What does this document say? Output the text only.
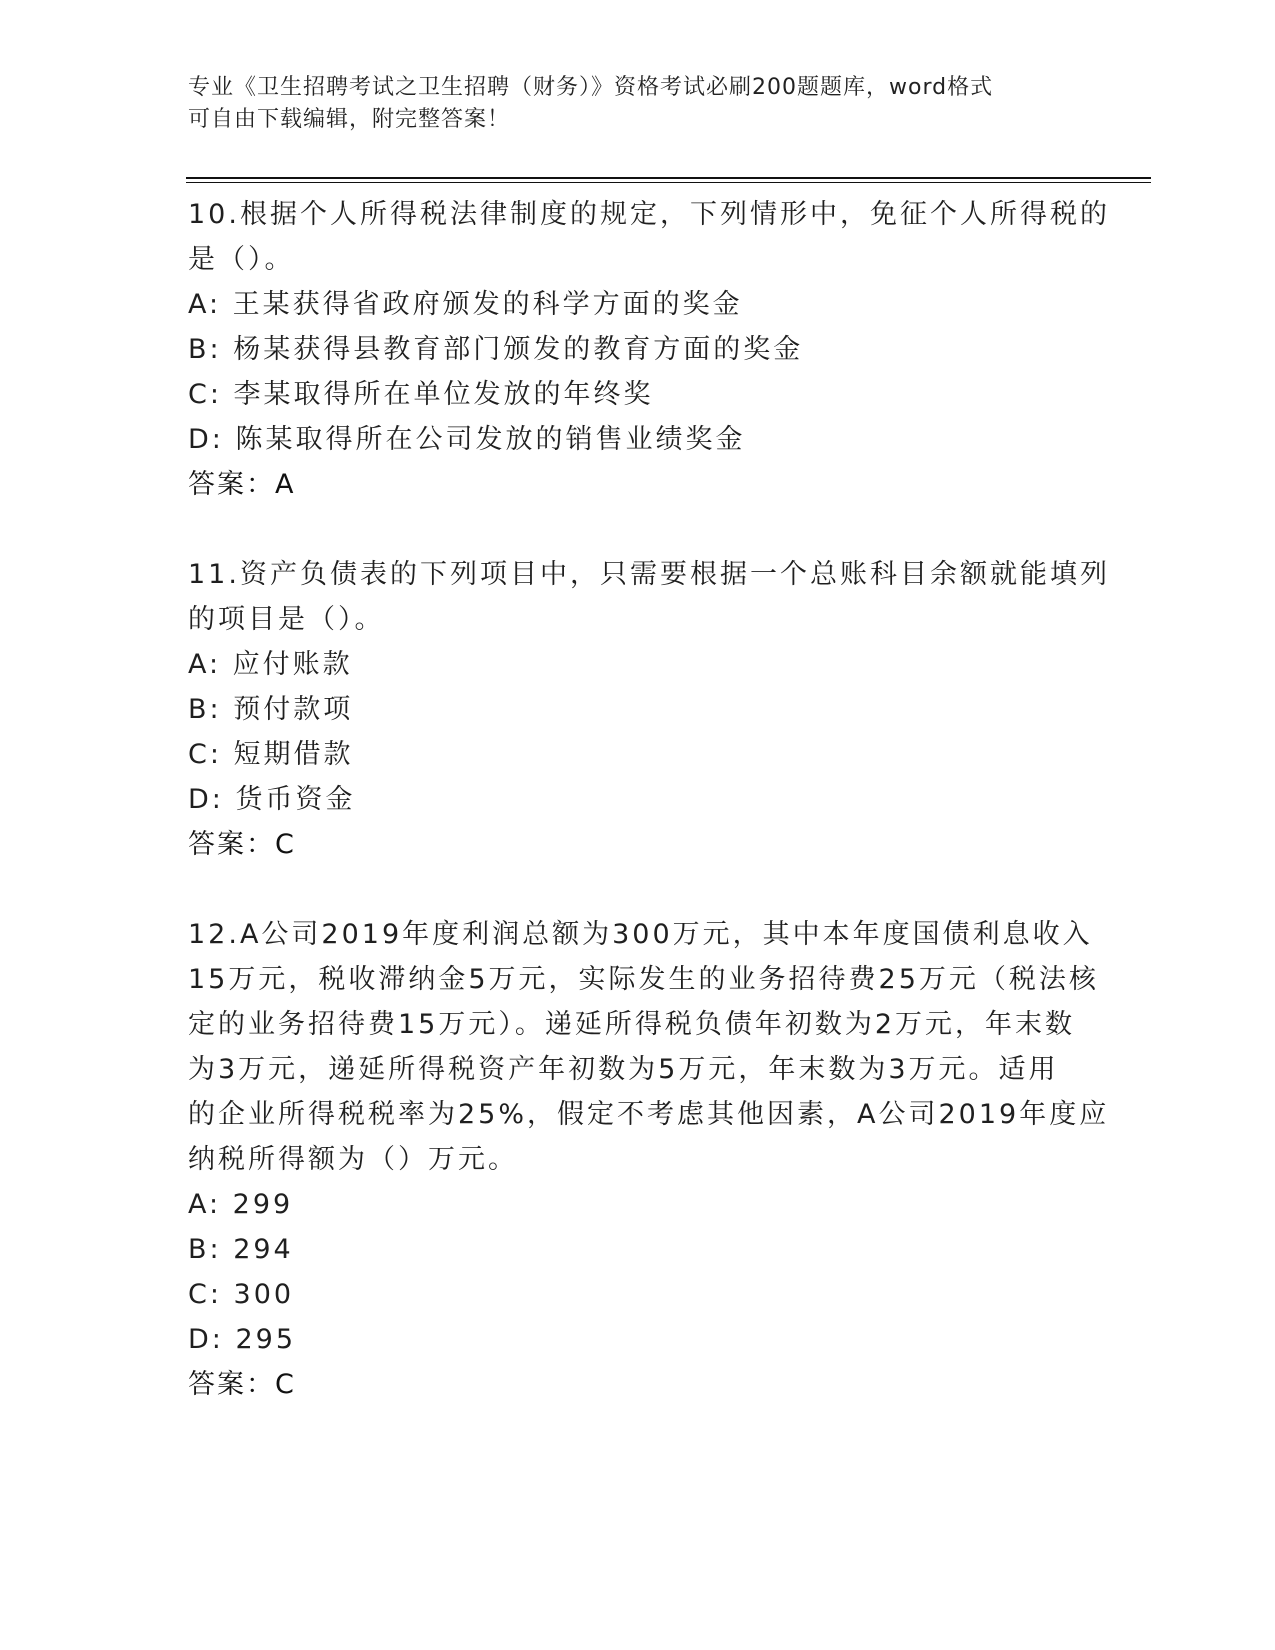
专业《卫生招聘考试之卫生招聘（财务）》资格考试必刷200题题库，word格式
可自由下载编辑，附完整答案！
10.根据个人所得税法律制度的规定，下列情形中，免征个人所得税的
是（）。
A: 王某获得省政府颁发的科学方面的奖金
B: 杨某获得县教育部门颁发的教育方面的奖金
C: 李某取得所在单位发放的年终奖
D: 陈某取得所在公司发放的销售业绩奖金
答案：A
11.资产负债表的下列项目中，只需要根据一个总账科目余额就能填列
的项目是（）。
A: 应付账款
B: 预付款项
C: 短期借款
D: 货币资金
答案：C
12.A公司2019年度利润总额为300万元，其中本年度国债利息收入
15万元，税收滞纳金5万元，实际发生的业务招待费25万元（税法核
定的业务招待费15万元）。递延所得税负债年初数为2万元，年末数
为3万元，递延所得税资产年初数为5万元，年末数为3万元。适用
的企业所得税税率为25%，假定不考虑其他因素，A公司2019年度应
纳税所得额为（）万元。
A: 299
B: 294
C: 300
D: 295
答案：C
